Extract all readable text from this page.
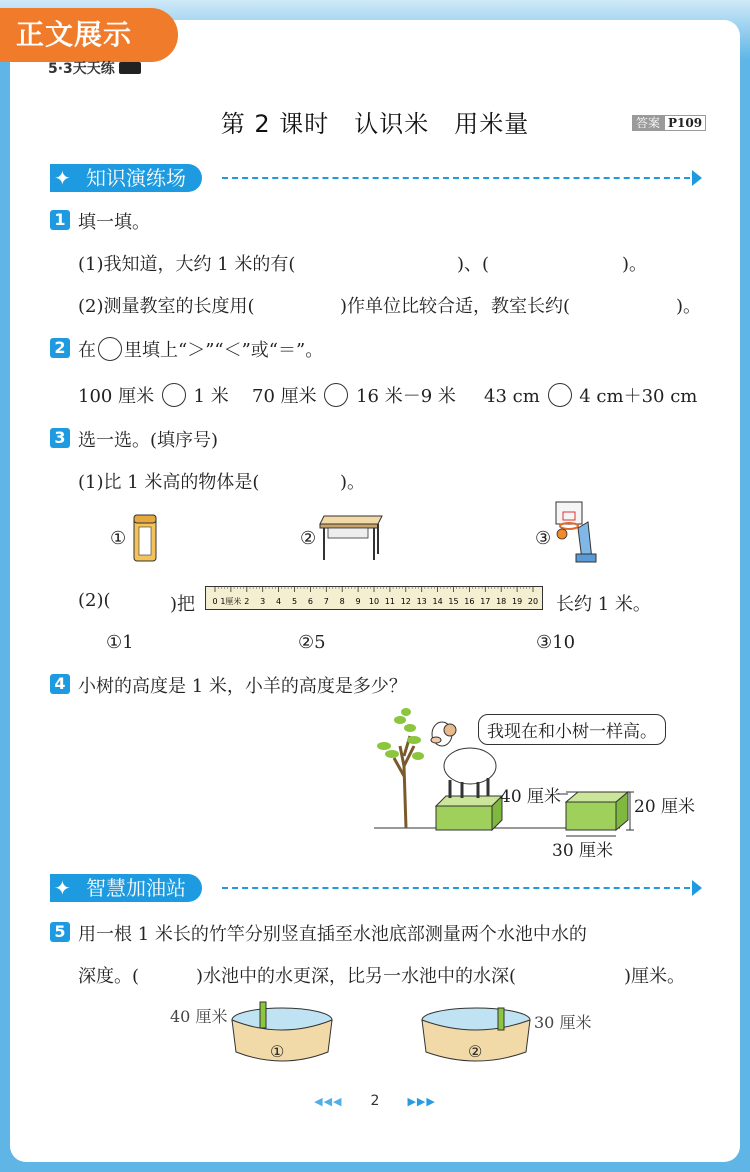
正文展示
5·3天天练
第 2 课时　认识米　用米量	答案 P109
✦ 知识演练场
1 填一填。
(1)我知道，大约 1 米的有(	)、(	)。
(2)测量教室的长度用(	)作单位比较合适，教室长约(	)。
2 在 里填上“＞”“＜”或“＝”。
100 厘米 1 米 70 厘米 16 米－9 米 43 cm 4 cm＋30 cm
3 选一选。(填序号)
(1)比 1 米高的物体是(	)。
①	②	③
(2)(	)把 0 1厘米 2 3 4 5 6 7 8 9 10 11 12 13 14 15 16 17 18 19 20 长约 1 米。
①1	②5	③10
4 小树的高度是 1 米，小羊的高度是多少？
我现在和小树一样高。
40 厘米	20 厘米
30 厘米
✦ 智慧加油站
5 用一根 1 米长的竹竿分别竖直插至水池底部测量两个水池中水的
深度。(	)水池中的水更深，比另一水池中的水深(	)厘米。
40 厘米
①
30 厘米
②
◀◀◀　　 2　　	▶▶▶
